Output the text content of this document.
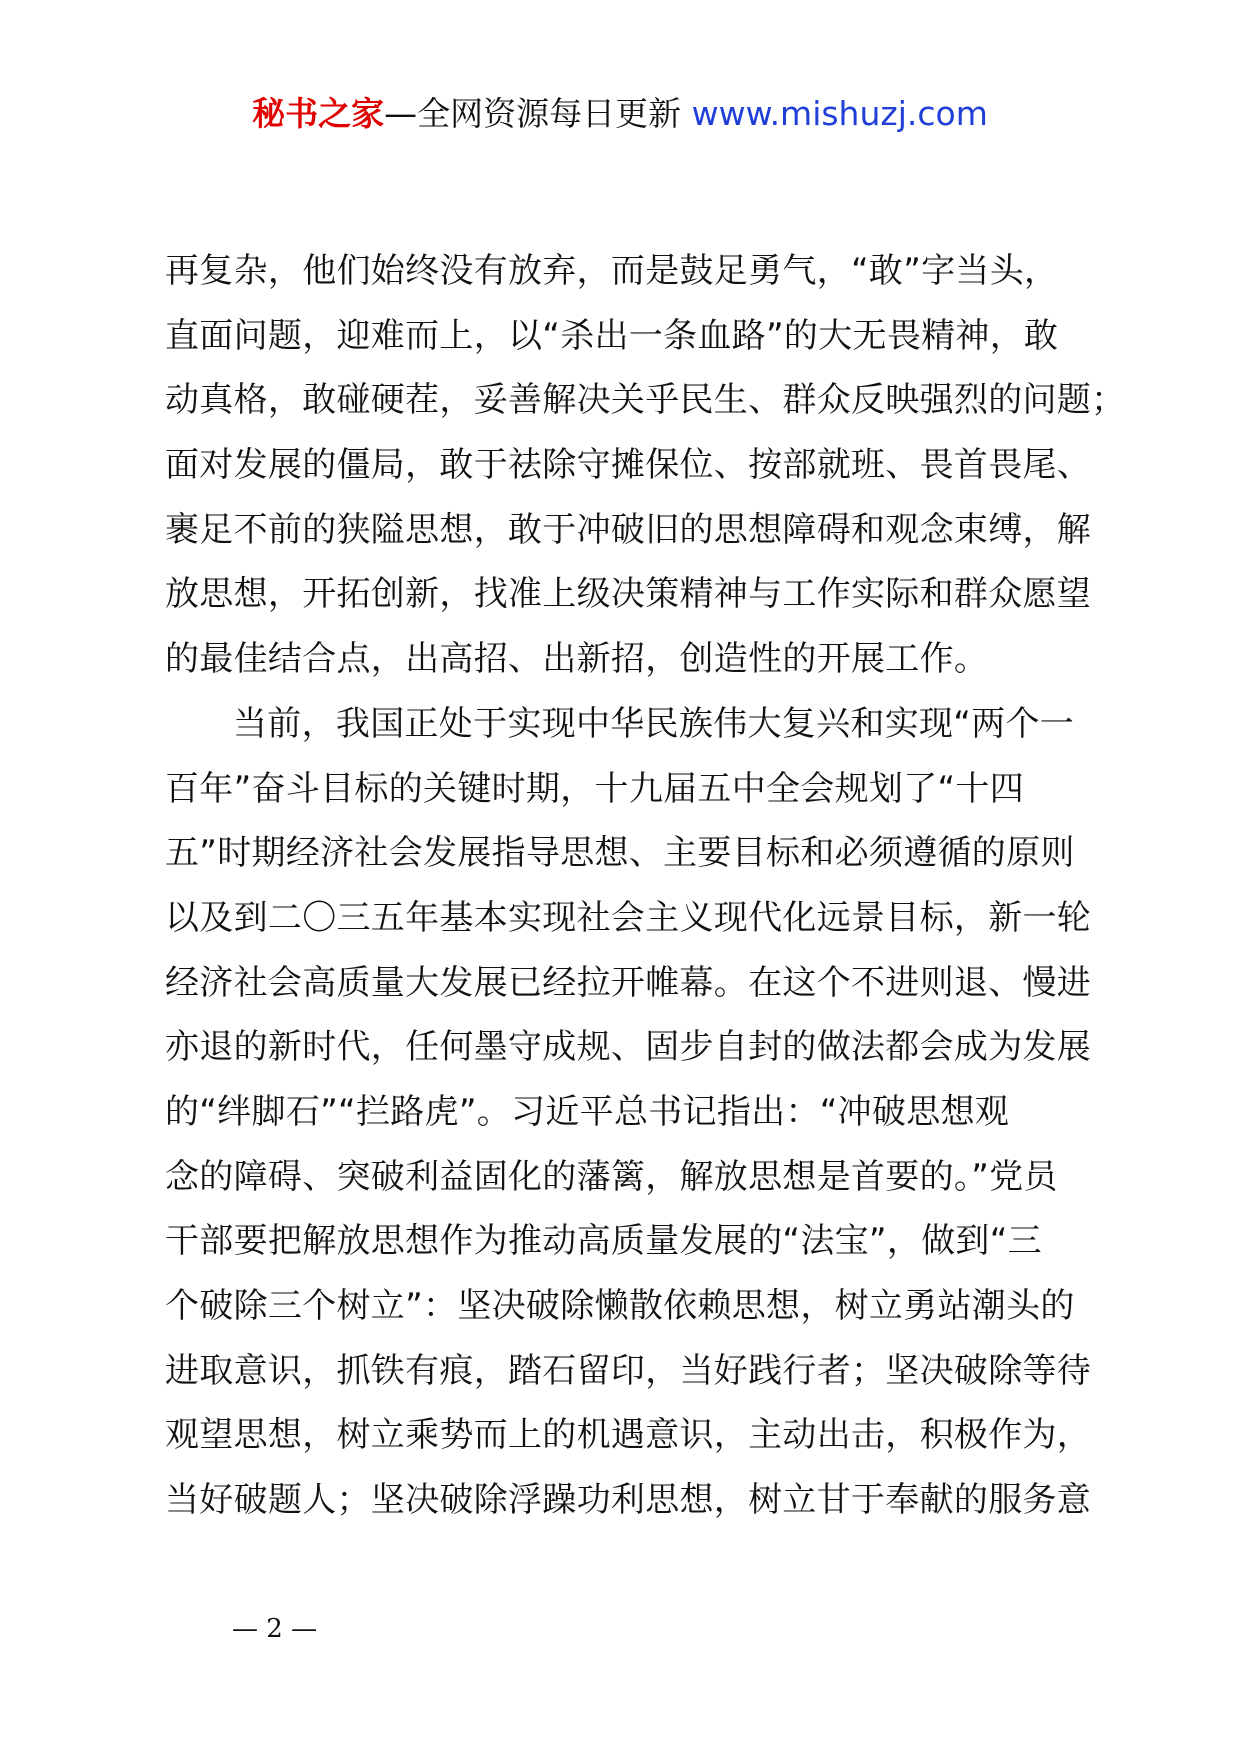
秘书之家—全网资源每日更新 www.mishuzj.com
再复杂，他们始终没有放弃，而是鼓足勇气，“敢”字当头，
直面问题，迎难而上，以“杀出一条血路”的大无畏精神，敢
动真格，敢碰硬茬，妥善解决关乎民生、群众反映强烈的问题；
面对发展的僵局，敢于祛除守摊保位、按部就班、畏首畏尾、
裹足不前的狭隘思想，敢于冲破旧的思想障碍和观念束缚，解
放思想，开拓创新，找准上级决策精神与工作实际和群众愿望
的最佳结合点，出高招、出新招，创造性的开展工作。
当前，我国正处于实现中华民族伟大复兴和实现“两个一
百年”奋斗目标的关键时期，十九届五中全会规划了“十四
五”时期经济社会发展指导思想、主要目标和必须遵循的原则
以及到二〇三五年基本实现社会主义现代化远景目标，新一轮
经济社会高质量大发展已经拉开帷幕。在这个不进则退、慢进
亦退的新时代，任何墨守成规、固步自封的做法都会成为发展
的“绊脚石”“拦路虎”。习近平总书记指出：“冲破思想观
念的障碍、突破利益固化的藩篱，解放思想是首要的。”党员
干部要把解放思想作为推动高质量发展的“法宝”，做到“三
个破除三个树立”：坚决破除懒散依赖思想，树立勇站潮头的
进取意识，抓铁有痕，踏石留印，当好践行者；坚决破除等待
观望思想，树立乘势而上的机遇意识，主动出击，积极作为，
当好破题人；坚决破除浮躁功利思想，树立甘于奉献的服务意
— 2 —
